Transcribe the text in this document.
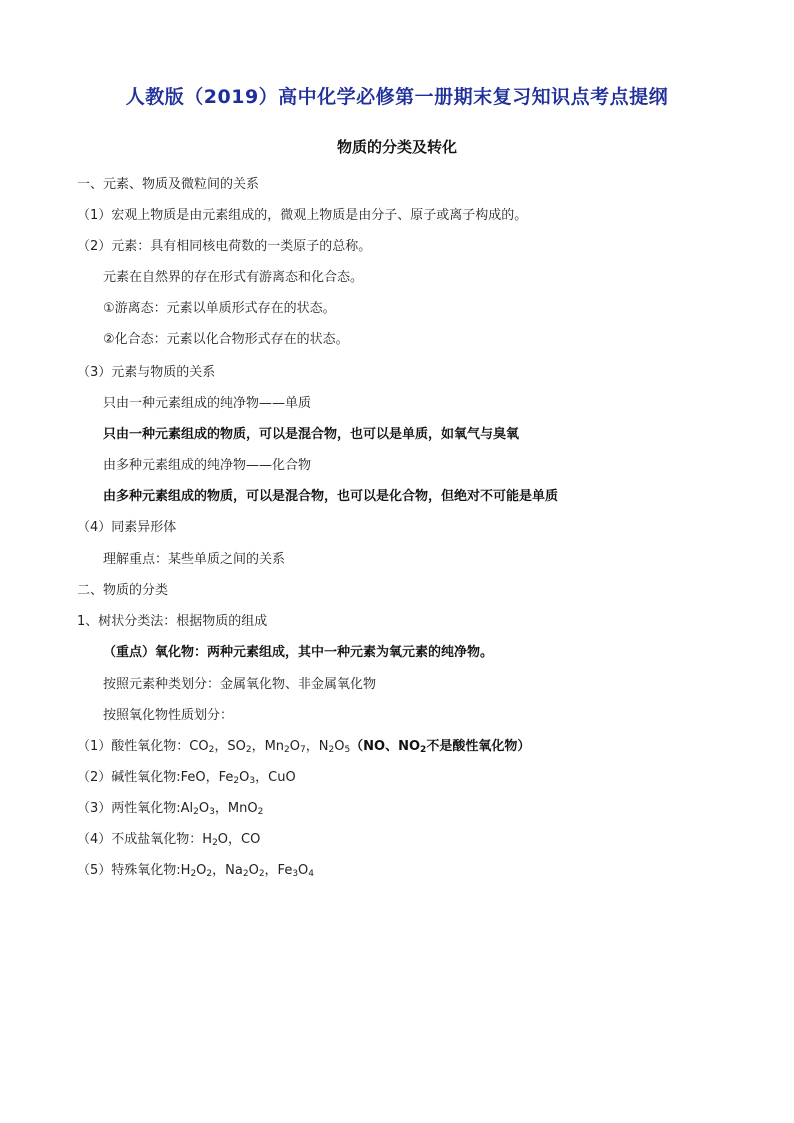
人教版（2019）高中化学必修第一册期末复习知识点考点提纲
物质的分类及转化
一、元素、物质及微粒间的关系
（1）宏观上物质是由元素组成的，微观上物质是由分子、原子或离子构成的。
（2）元素：具有相同核电荷数的一类原子的总称。
元素在自然界的存在形式有游离态和化合态。
①游离态：元素以单质形式存在的状态。
②化合态：元素以化合物形式存在的状态。
（3）元素与物质的关系
只由一种元素组成的纯净物——单质
只由一种元素组成的物质，可以是混合物，也可以是单质，如氧气与臭氧
由多种元素组成的纯净物——化合物
由多种元素组成的物质，可以是混合物，也可以是化合物，但绝对不可能是单质
（4）同素异形体
理解重点：某些单质之间的关系
二、物质的分类
1、树状分类法：根据物质的组成
（重点）氧化物：两种元素组成，其中一种元素为氧元素的纯净物。
按照元素种类划分：金属氧化物、非金属氧化物
按照氧化物性质划分：
（1）酸性氧化物：$CO_2$，$SO_2$，$Mn_2O_7$，$N_2O_5(NO$、$NO_2$不是酸性氧化物）
（2）碱性氧化物:FeO，$Fe_2O_3$，CuO
（3）两性氧化物$:Al_2O_3$，MnO$_2$
（4）不成盐氧化物：$H_2O$，CO
（5）特殊氧化物$:H_2O_2$，$Na_2O_2$，$Fe_3O_4$
